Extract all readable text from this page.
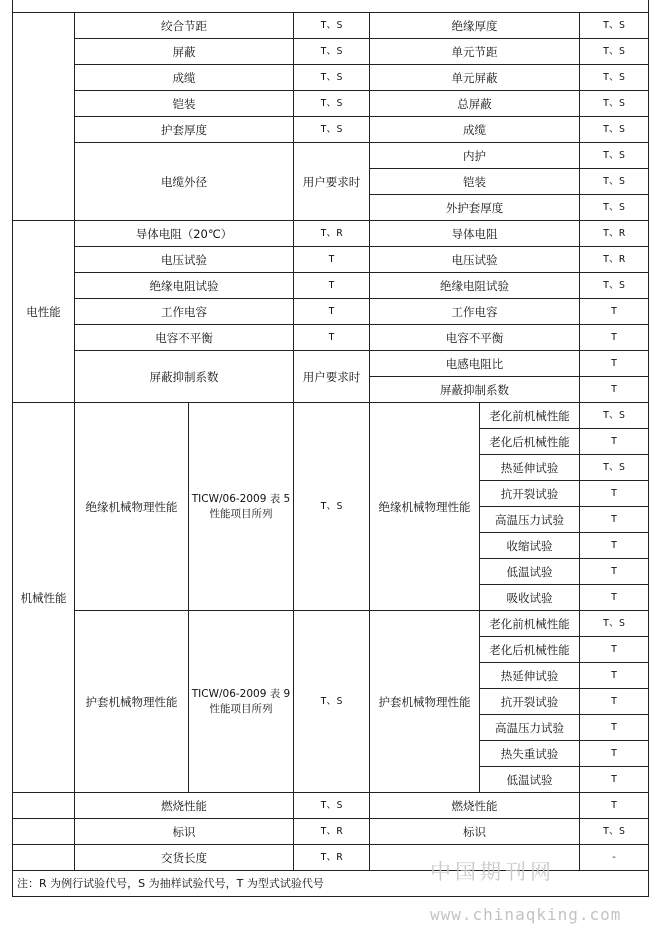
	绞合节距		T、S	绝缘厚度		T、S
	屏蔽		T、S	单元节距		T、S
	成缆		T、S	单元屏蔽		T、S
	铠装		T、S	总屏蔽		T、S
	护套厚度		T、S	成缆		T、S
	电缆外径		用户要求时	内护		T、S
				铠装		T、S
				外护套厚度		T、S
电性能	导体电阻（20℃）		T、R	导体电阻		T、R
	电压试验		T	电压试验		T、R
	绝缘电阻试验		T	绝缘电阻试验		T、S
	工作电容		T	工作电容		T
	电容不平衡		T	电容不平衡		T
	屏蔽抑制系数		用户要求时	电感电阻比		T
				屏蔽抑制系数		T
机械性能	绝缘机械物理性能	TICW/06-2009 表 5 性能项目所列	T、S	绝缘机械物理性能	老化前机械性能	T、S
					老化后机械性能	T
					热延伸试验	T、S
					抗开裂试验	T
					高温压力试验	T
					收缩试验	T
					低温试验	T
					吸收试验	T
	护套机械物理性能	TICW/06-2009 表 9 性能项目所列	T、S	护套机械物理性能	老化前机械性能	T、S
					老化后机械性能	T
					热延伸试验	T
					抗开裂试验	T
					高温压力试验	T
					热失重试验	T
					低温试验	T
	燃烧性能		T、S	燃烧性能		T
	标识		T、R	标识		T、S
	交货长度		T、R			-
注：R 为例行试验代号，S 为抽样试验代号，T 为型式试验代号							中国期刊网
www.chinaqking.com
